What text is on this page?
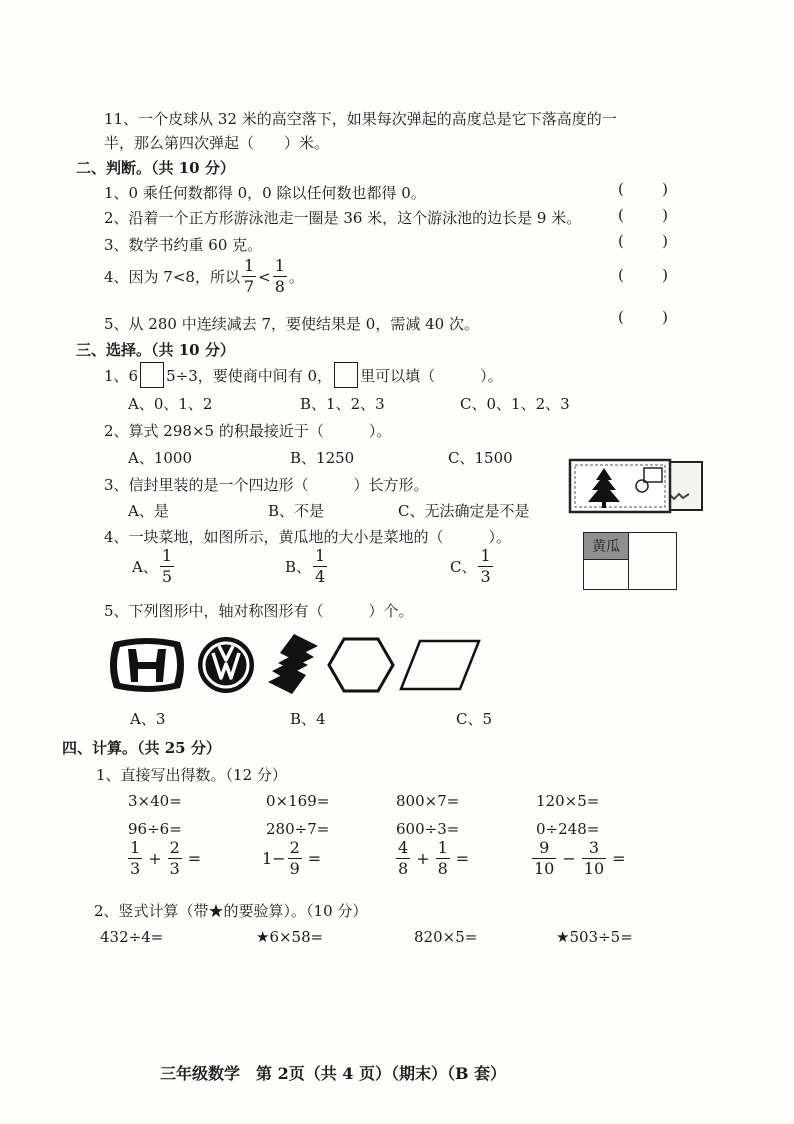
11、一个皮球从 32 米的高空落下，如果每次弹起的高度总是它下落高度的一
半，那么第四次弹起（　　）米。
二、判断。（共 10 分）
1、0 乘任何数都得 0，0 除以任何数也都得 0。	(	)
2、沿着一个正方形游泳池走一圈是 36 米，这个游泳池的边长是 9 米。 (	)
3、数学书约重 60 克。	(	)
4、因为 7<8，所以 $\frac{1}{7} < \frac{1}{8}$ 。	(	)
5、从 280 中连续减去 7，要使结果是 0，需减 40 次。	(	)
三、选择。（共 10 分）
1、6 5÷3，要使商中间有 0， 里可以填（　　　）。
A、0、1、2	B、1、2、3	C、0、1、2、3
2、算式 298×5 的积最接近于（　　　）。
A、1000	B、1250	C、1500
3、信封里装的是一个四边形（　　　）长方形。
A、是	B、不是	C、无法确定是不是
4、一块菜地，如图所示，黄瓜地的大小是菜地的（　　　）。
A、 $\frac{1}{5}$	B、 $\frac{1}{4}$	C、 $\frac{1}{3}$
黄瓜
5、下列图形中，轴对称图形有（　　　）个。
A、3	B、4	C、5
四、计算。（共 25 分）
1、直接写出得数。（12 分）
3×40=	0×169=	800×7=	120×5=
96÷6=	280÷7=	600÷3=	0÷248=
$\frac{1}{3} + \frac{2}{3}$ =	$1- \frac{2}{9}$ =	$\frac{4}{8} + \frac{1}{8}$ =	$\frac{9}{10} - \frac{3}{10}$ =
2、竖式计算（带★的要验算）。（10 分）
432÷4=	★6×58=	820×5=	★503÷5=
三年级数学　第 2页（共 4 页）（期末）（B 套）
